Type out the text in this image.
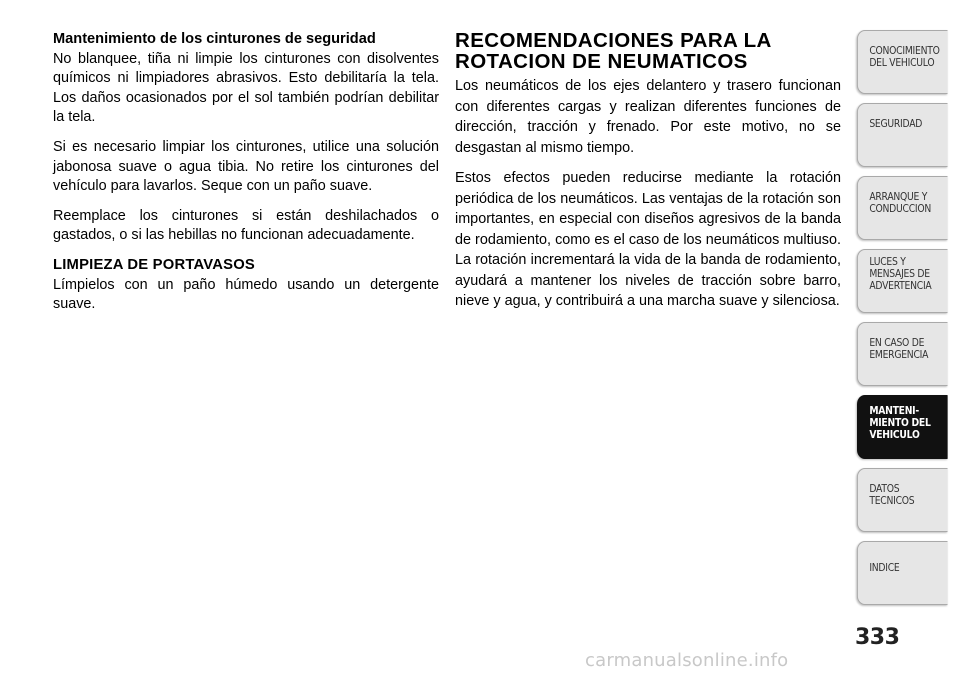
Mantenimiento de los cinturones de seguridad
No blanquee, tiña ni limpie los cinturones con disolventes químicos ni limpiadores abrasivos. Esto debilitaría la tela. Los daños ocasionados por el sol también podrían debilitar la tela.

Si es necesario limpiar los cinturones, utilice una solución jabonosa suave o agua tibia. No retire los cinturones del vehículo para lavarlos. Seque con un paño suave.

Reemplace los cinturones si están deshilachados o gastados, o si las hebillas no funcionan adecuadamente.

LIMPIEZA DE PORTAVASOS
Límpielos con un paño húmedo usando un detergente suave.

RECOMENDACIONES PARA LA
ROTACION DE NEUMATICOS

Los neumáticos de los ejes delantero y trasero funcionan con diferentes cargas y realizan diferentes funciones de dirección, tracción y frenado. Por este motivo, no se desgastan al mismo tiempo.

Estos efectos pueden reducirse mediante la rotación periódica de los neumáticos. Las ventajas de la rotación son importantes, en especial con diseños agresivos de la banda de rodamiento, como es el caso de los neumáticos multiuso. La rotación incrementará la vida de la banda de rodamiento, ayudará a mantener los niveles de tracción sobre barro, nieve y agua, y contribuirá a una marcha suave y silenciosa.

CONOCIMIENTO
DEL VEHICULO
SEGURIDAD
ARRANQUE Y
CONDUCCION
LUCES Y
MENSAJES DE
ADVERTENCIA
EN CASO DE
EMERGENCIA
MANTENI-
MIENTO DEL
VEHICULO
DATOS
TECNICOS
INDICE
333
carmanualsonline.info
